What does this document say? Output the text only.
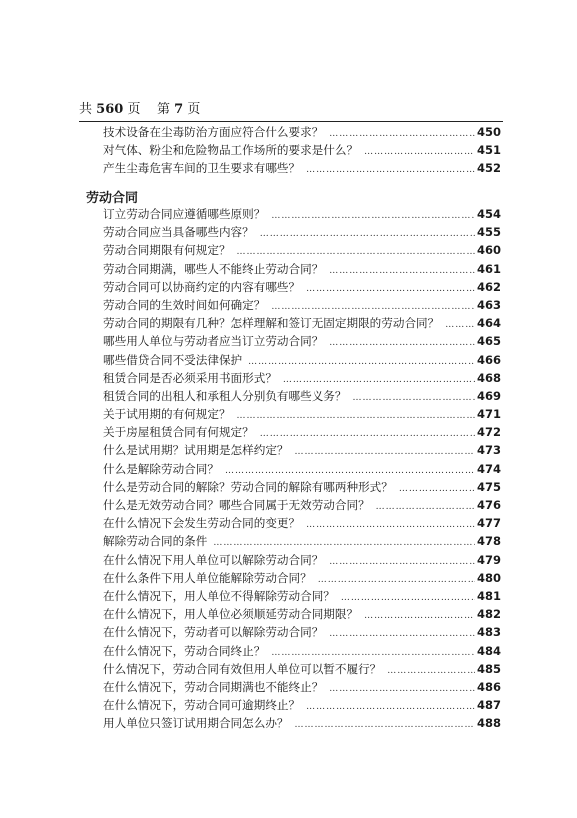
共 560 页 第 7 页
技术设备在尘毒防治方面应符合什么要求？ …………………………………………………………………………………………………………………	450
对气体、粉尘和危险物品工作场所的要求是什么？ …………………………………………………………………………………………………………………	451
产生尘毒危害车间的卫生要求有哪些？ …………………………………………………………………………………………………………………	452
劳动合同
订立劳动合同应遵循哪些原则？ …………………………………………………………………………………………………………………	454
劳动合同应当具备哪些内容？ …………………………………………………………………………………………………………………	455
劳动合同期限有何规定？ …………………………………………………………………………………………………………………	460
劳动合同期满，哪些人不能终止劳动合同？ …………………………………………………………………………………………………………………	461
劳动合同可以协商约定的内容有哪些？ …………………………………………………………………………………………………………………	462
劳动合同的生效时间如何确定？ …………………………………………………………………………………………………………………	463
劳动合同的期限有几种？怎样理解和签订无固定期限的劳动合同？ …………………………………………………………………………………………………………………	464
哪些用人单位与劳动者应当订立劳动合同？ …………………………………………………………………………………………………………………	465
哪些借贷合同不受法律保护 …………………………………………………………………………………………………………………	466
租赁合同是否必须采用书面形式？ …………………………………………………………………………………………………………………	468
租赁合同的出租人和承租人分别负有哪些义务？ …………………………………………………………………………………………………………………	469
关于试用期的有何规定？ …………………………………………………………………………………………………………………	471
关于房屋租赁合同有何规定？ …………………………………………………………………………………………………………………	472
什么是试用期？试用期是怎样约定？ …………………………………………………………………………………………………………………	473
什么是解除劳动合同？ …………………………………………………………………………………………………………………	474
什么是劳动合同的解除？劳动合同的解除有哪两种形式？ …………………………………………………………………………………………………………………	475
什么是无效劳动合同？哪些合同属于无效劳动合同？ …………………………………………………………………………………………………………………	476
在什么情况下会发生劳动合同的变更？ …………………………………………………………………………………………………………………	477
解除劳动合同的条件 …………………………………………………………………………………………………………………	478
在什么情况下用人单位可以解除劳动合同？ …………………………………………………………………………………………………………………	479
在什么条件下用人单位能解除劳动合同？ …………………………………………………………………………………………………………………	480
在什么情况下，用人单位不得解除劳动合同？ …………………………………………………………………………………………………………………	481
在什么情况下，用人单位必须顺延劳动合同期限？ …………………………………………………………………………………………………………………	482
在什么情况下，劳动者可以解除劳动合同？ …………………………………………………………………………………………………………………	483
在什么情况下，劳动合同终止？ …………………………………………………………………………………………………………………	484
什么情况下，劳动合同有效但用人单位可以暂不履行？ …………………………………………………………………………………………………………………	485
在什么情况下，劳动合同期满也不能终止？ …………………………………………………………………………………………………………………	486
在什么情况下，劳动合同可逾期终止？ …………………………………………………………………………………………………………………	487
用人单位只签订试用期合同怎么办？ …………………………………………………………………………………………………………………	488
